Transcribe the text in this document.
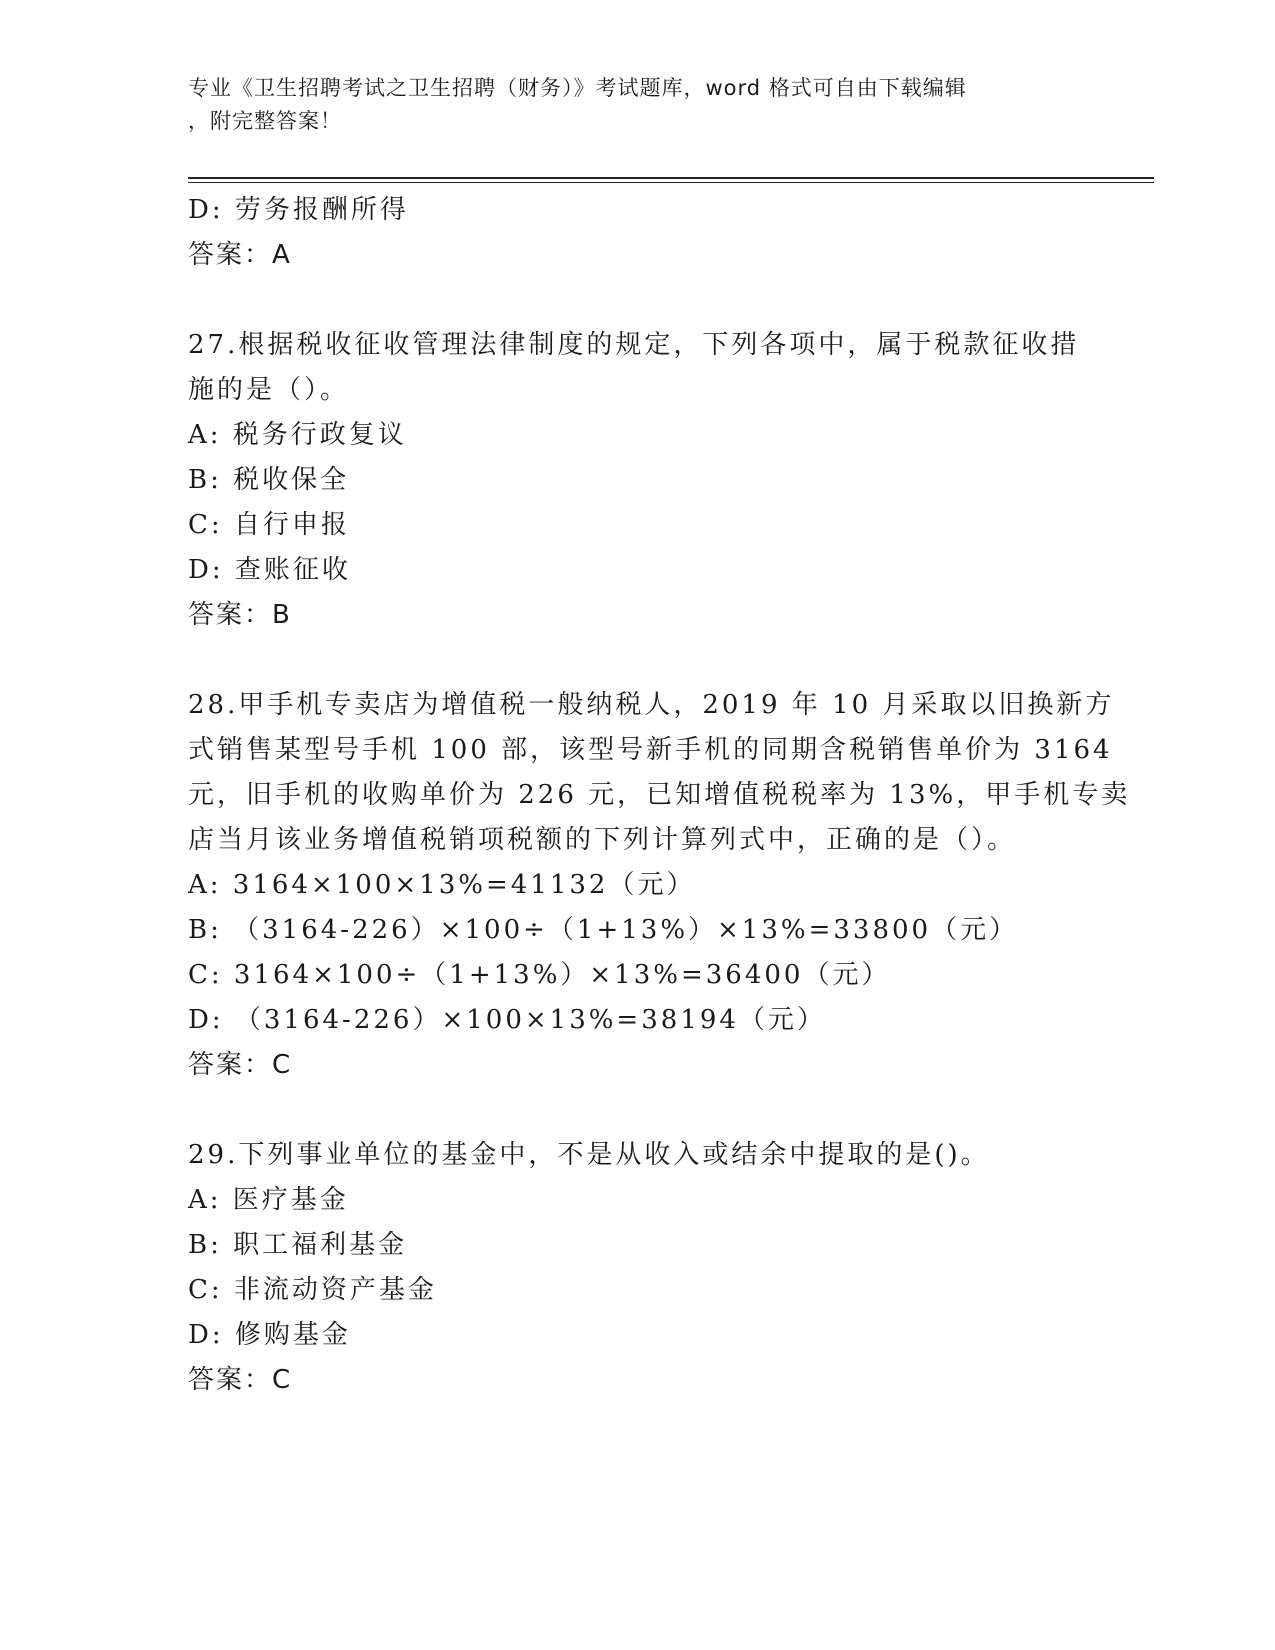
专业《卫生招聘考试之卫生招聘（财务）》考试题库，word 格式可自由下载编辑
，附完整答案！
D: 劳务报酬所得
答案：A
27.根据税收征收管理法律制度的规定，下列各项中，属于税款征收措
施的是（）。
A: 税务行政复议
B: 税收保全
C: 自行申报
D: 查账征收
答案：B
28.甲手机专卖店为增值税一般纳税人，2019 年 10 月采取以旧换新方
式销售某型号手机 100 部，该型号新手机的同期含税销售单价为 3164
元，旧手机的收购单价为 226 元，已知增值税税率为 13%，甲手机专卖
店当月该业务增值税销项税额的下列计算列式中，正确的是（）。
A: 3164×100×13%=41132（元）
B: （3164-226）×100÷（1+13%）×13%=33800（元）
C: 3164×100÷（1+13%）×13%=36400（元）
D: （3164-226）×100×13%=38194（元）
答案：C
29.下列事业单位的基金中，不是从收入或结余中提取的是()。
A: 医疗基金
B: 职工福利基金
C: 非流动资产基金
D: 修购基金
答案：C
